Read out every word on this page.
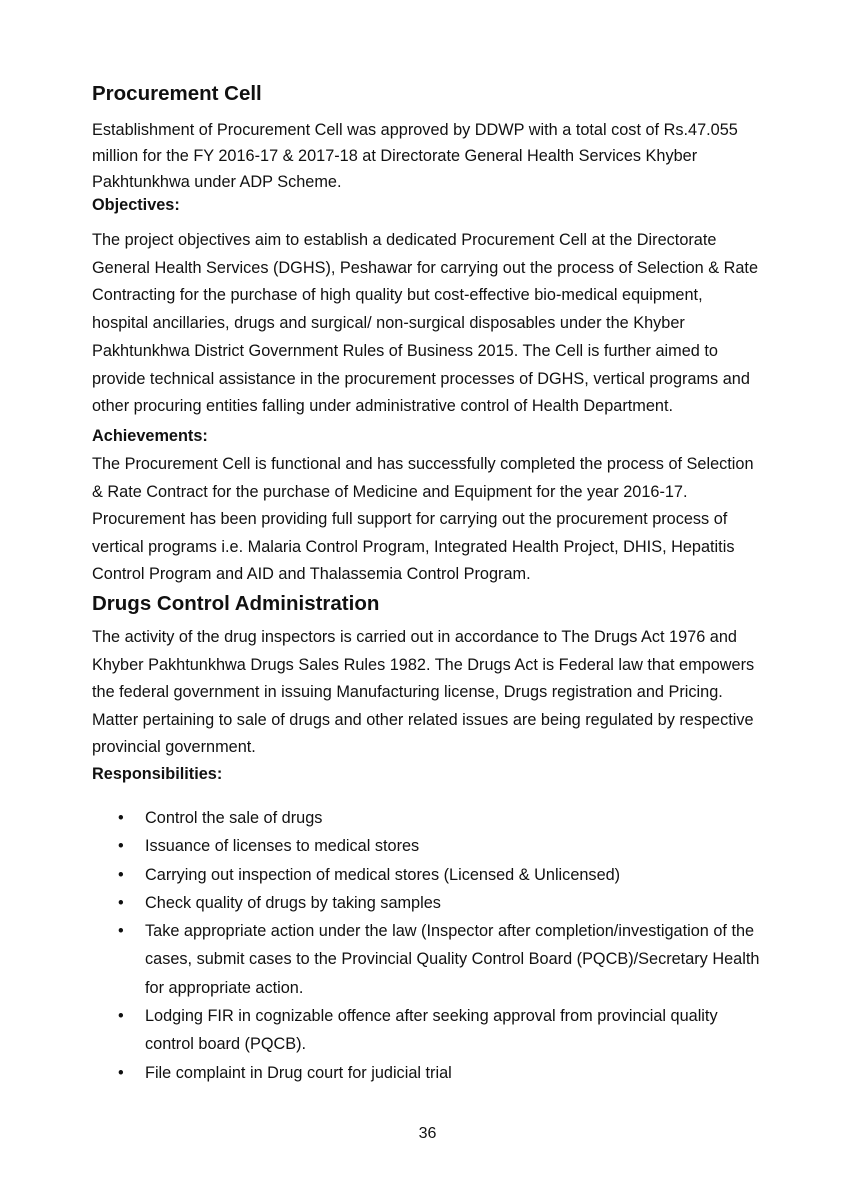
Procurement Cell
Establishment of Procurement Cell was approved by DDWP with a total cost of Rs.47.055
million for the FY 2016-17 & 2017-18 at Directorate General Health Services Khyber
Pakhtunkhwa under ADP Scheme.
Objectives:
The project objectives aim to establish a dedicated Procurement Cell at the Directorate
General Health Services (DGHS), Peshawar for carrying out the process of Selection & Rate
Contracting for the purchase of high quality but cost-effective bio-medical equipment,
hospital ancillaries, drugs and surgical/ non-surgical disposables under the Khyber
Pakhtunkhwa District Government Rules of Business 2015. The Cell is further aimed to
provide technical assistance in the procurement processes of DGHS, vertical programs and
other procuring entities falling under administrative control of Health Department.
Achievements:
The Procurement Cell is functional and has successfully completed the process of Selection
& Rate Contract for the purchase of Medicine and Equipment for the year 2016-17.
Procurement has been providing full support for carrying out the procurement process of
vertical programs i.e. Malaria Control Program, Integrated Health Project, DHIS, Hepatitis
Control Program and AID and Thalassemia Control Program.
Drugs Control Administration
The activity of the drug inspectors is carried out in accordance to The Drugs Act 1976 and
Khyber Pakhtunkhwa Drugs Sales Rules 1982. The Drugs Act is Federal law that empowers
the federal government in issuing Manufacturing license, Drugs registration and Pricing.
Matter pertaining to sale of drugs and other related issues are being regulated by respective
provincial government.
Responsibilities:
• Control the sale of drugs
• Issuance of licenses to medical stores
• Carrying out inspection of medical stores (Licensed & Unlicensed)
• Check quality of drugs by taking samples
• Take appropriate action under the law (Inspector after completion/investigation of the
cases, submit cases to the Provincial Quality Control Board (PQCB)/Secretary Health
for appropriate action.
• Lodging FIR in cognizable offence after seeking approval from provincial quality
control board (PQCB).
• File complaint in Drug court for judicial trial
36
